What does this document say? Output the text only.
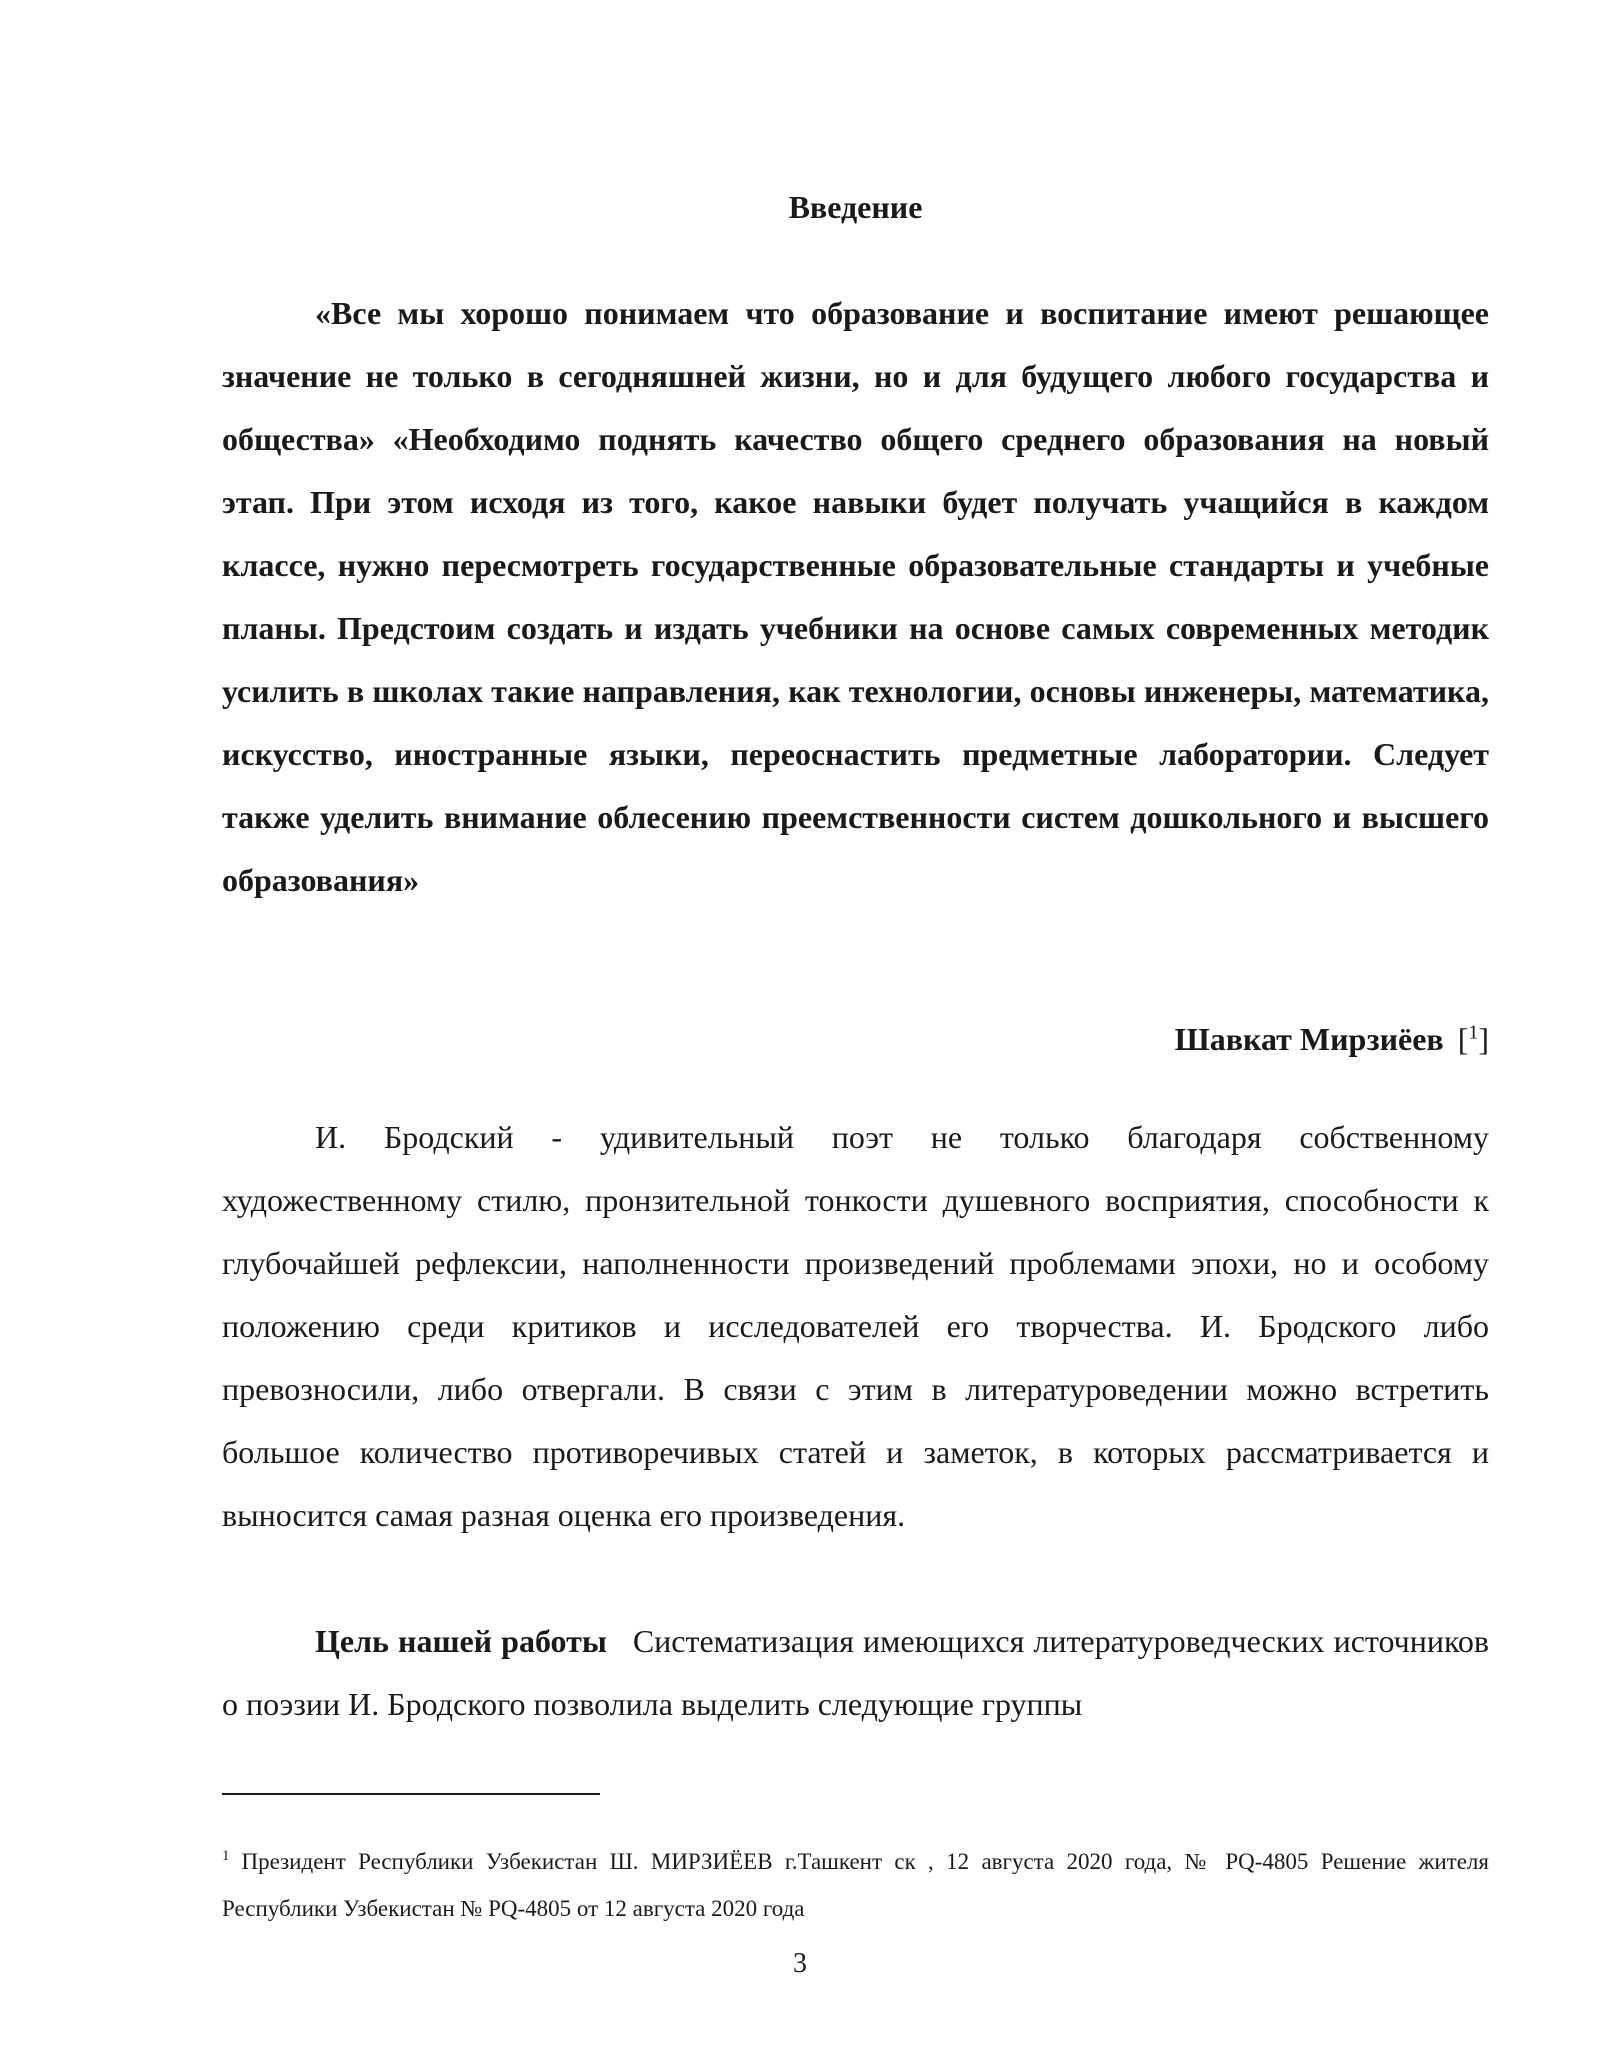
Введение

«Все мы хорошо понимаем что образование и воспитание имеют решающее значение не только в сегодняшней жизни, но и для будущего любого государства и общества» «Необходимо поднять качество общего среднего образования на новый этап. При этом исходя из того, какое навыки будет получать учащийся в каждом классе, нужно пересмотреть государственные образовательные стандарты и учебные планы. Предстоим создать и издать учебники на основе самых современных методик усилить в школах такие направления, как технологии, основы инженеры, математика, искусство, иностранные языки, переоснастить предметные лаборатории. Следует также уделить внимание облесению преемственности систем дошкольного и высшего образования»

Шавкат Мирзиёев [$^1$]

И. Бродский - удивительный поэт не только благодаря собственному художественному стилю, пронзительной тонкости душевного восприятия, способности к глубочайшей рефлексии, наполненности произведений проблемами эпохи, но и особому положению среди критиков и исследователей его творчества. И. Бродского либо превозносили, либо отвергали. В связи с этим в литературоведении можно встретить большое количество противоречивых статей и заметок, в которых рассматривается и выносится самая разная оценка его произведения.

Цель нашей работы Систематизация имеющихся литературоведческих источников о поэзии И. Бродского позволила выделить следующие группы

$^1$ Президент Республики Узбекистан Ш. МИРЗИЁЕВ г.Ташкент ск , 12 августа 2020 года, № PQ-4805 Решение жителя Республики Узбекистан № PQ-4805 от 12 августа 2020 года

3
